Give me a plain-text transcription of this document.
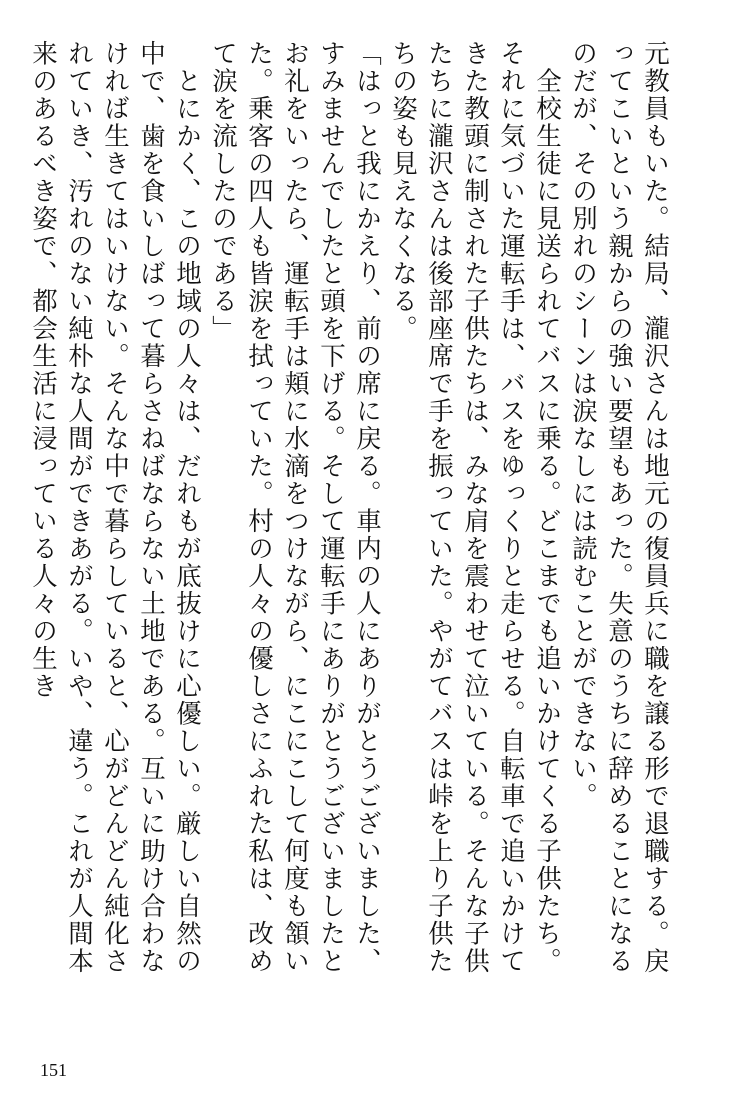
元教員もいた。結局、瀧沢さんは地元の復員兵に職を譲る形で退職する。戻ってこいという親からの強い要望もあった。失意のうちに辞めることになるのだが、その別れのシーンは涙なしには読むことができない。

　全校生徒に見送られてバスに乗る。どこまでも追いかけてくる子供たち。それに気づいた運転手は、バスをゆっくりと走らせる。自転車で追いかけてきた教頭に制された子供たちは、みな肩を震わせて泣いている。そんな子供たちに瀧沢さんは後部座席で手を振っていた。やがてバスは峠を上り子供たちの姿も見えなくなる。

「はっと我にかえり、前の席に戻る。車内の人にありがとうございました、すみませんでしたと頭を下げる。そして運転手にありがとうございましたとお礼をいったら、運転手は頬に水滴をつけながら、にこにこして何度も頷いた。乗客の四人も皆涙を拭っていた。村の人々の優しさにふれた私は、改めて涙を流したのである」

　とにかく、この地域の人々は、だれもが底抜けに心優しい。厳しい自然の中で、歯を食いしばって暮らさねばならない土地である。互いに助け合わなければ生きてはいけない。そんな中で暮らしていると、心がどんどん純化されていき、汚れのない純朴な人間ができあがる。いや、違う。これが人間本来のあるべき姿で、都会生活に浸っている人々の生き

151
